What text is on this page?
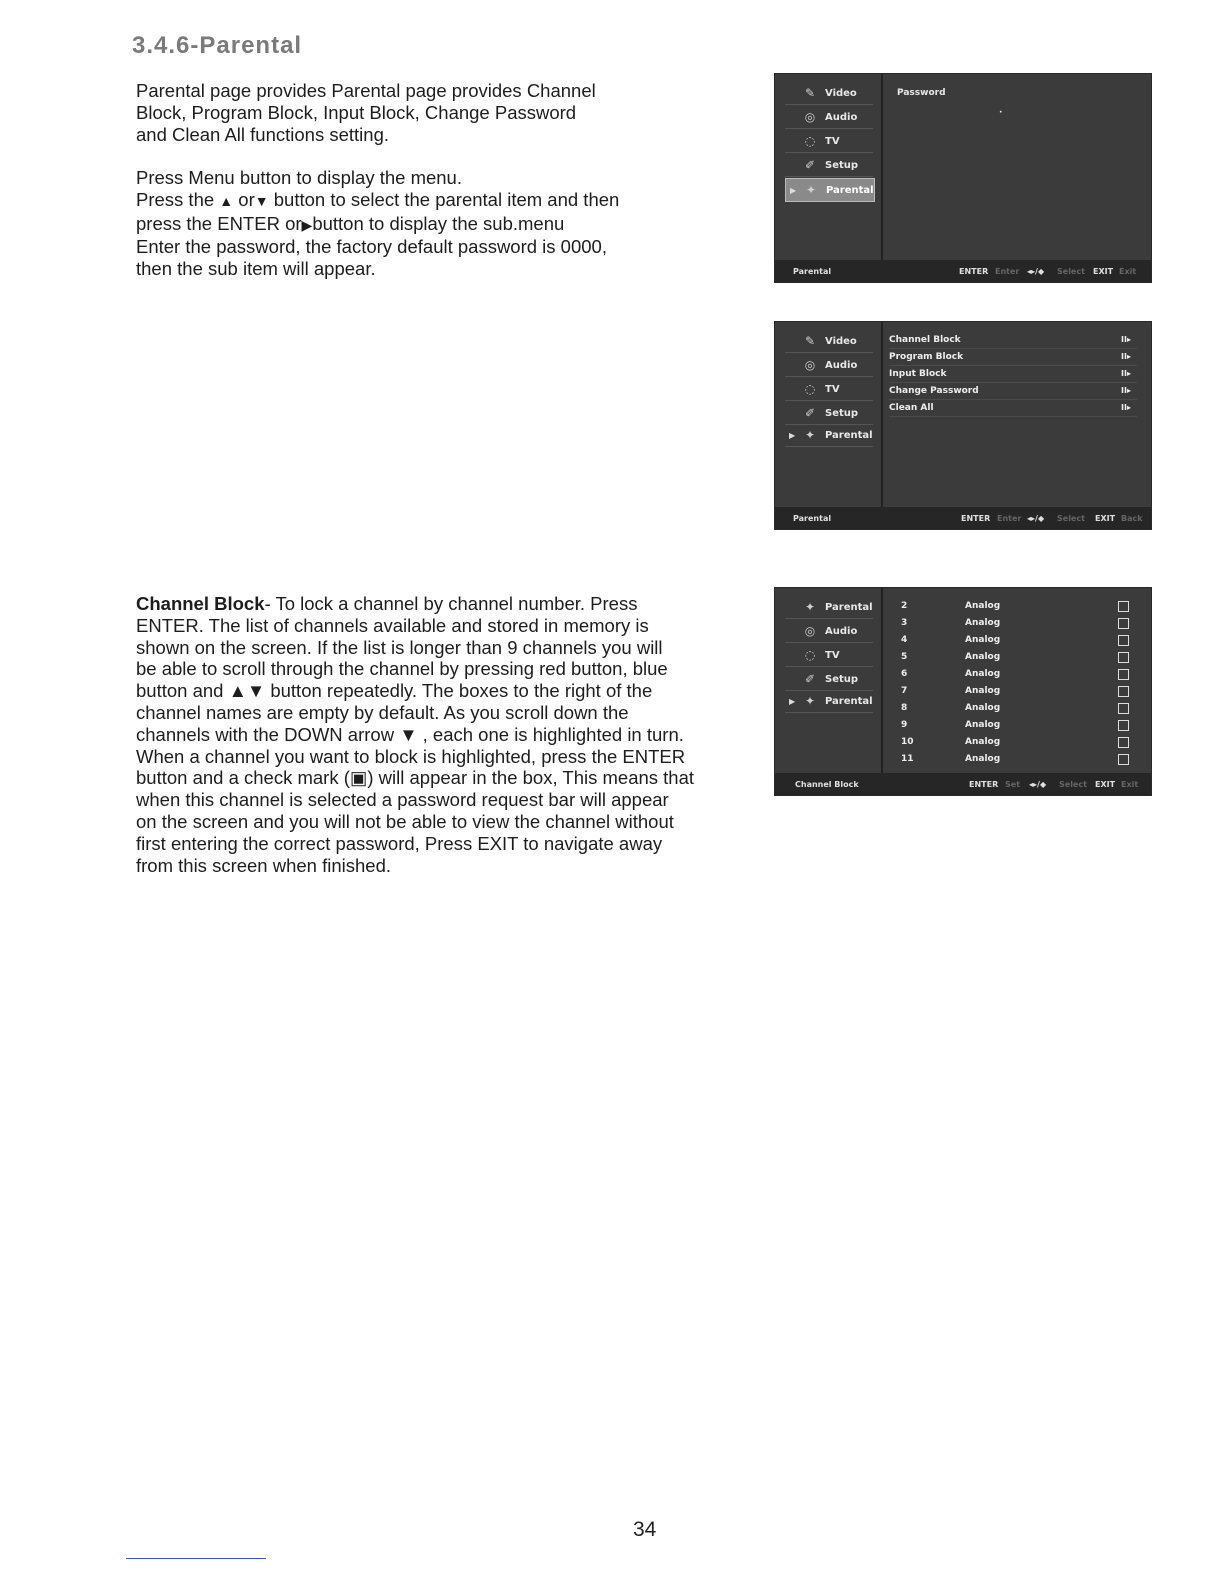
3.4.6-Parental

Parental page provides Parental page provides Channel

Block, Program Block, Input Block, Change Password

and Clean All functions setting.

Press Menu button to display the menu.

Press the ▲ or▼ button to select the parental item and then

press the ENTER or▶button to display the sub.menu

Enter the password, the factory default password is 0000,

then the sub item will appear.

Channel Block- To lock a channel by channel number. Press

ENTER. The list of channels available and stored in memory is

shown on the screen. If the list is longer than 9 channels you will

be able to scroll through the channel by pressing red button, blue

button and ▲▼ button repeatedly. The boxes to the right of the

channel names are empty by default. As you scroll down the

channels with the DOWN arrow ▼ , each one is highlighted in turn.

When a channel you want to block is highlighted, press the ENTER

button and a check mark (▣) will appear in the box, This means that

when this channel is selected a password request bar will appear

on the screen and you will not be able to view the channel without

first entering the correct password, Press EXIT to navigate away

from this screen when finished.

✎ Video
◎ Audio
◌ TV
✐ Setup
▶ ✦ Parental
Password
·
Parental	ENTER Enter ◂▸/◆ Select EXIT Exit
✎ Video
◎ Audio
◌ TV
✐ Setup
▶ ✦ Parental
Channel Block	II▸
Program Block	II▸
Input Block	II▸
Change Password	II▸
Clean All	II▸
Parental	ENTER Enter ◂▸/◆ Select EXIT Back
✦ Parental
◎ Audio
◌ TV
✐ Setup
▶ ✦ Parental
2	Analog
3	Analog
4	Analog
5	Analog
6	Analog
7	Analog
8	Analog
9	Analog
10	Analog
11	Analog
Channel Block	ENTER Set ◂▸/◆ Select EXIT Exit
34
